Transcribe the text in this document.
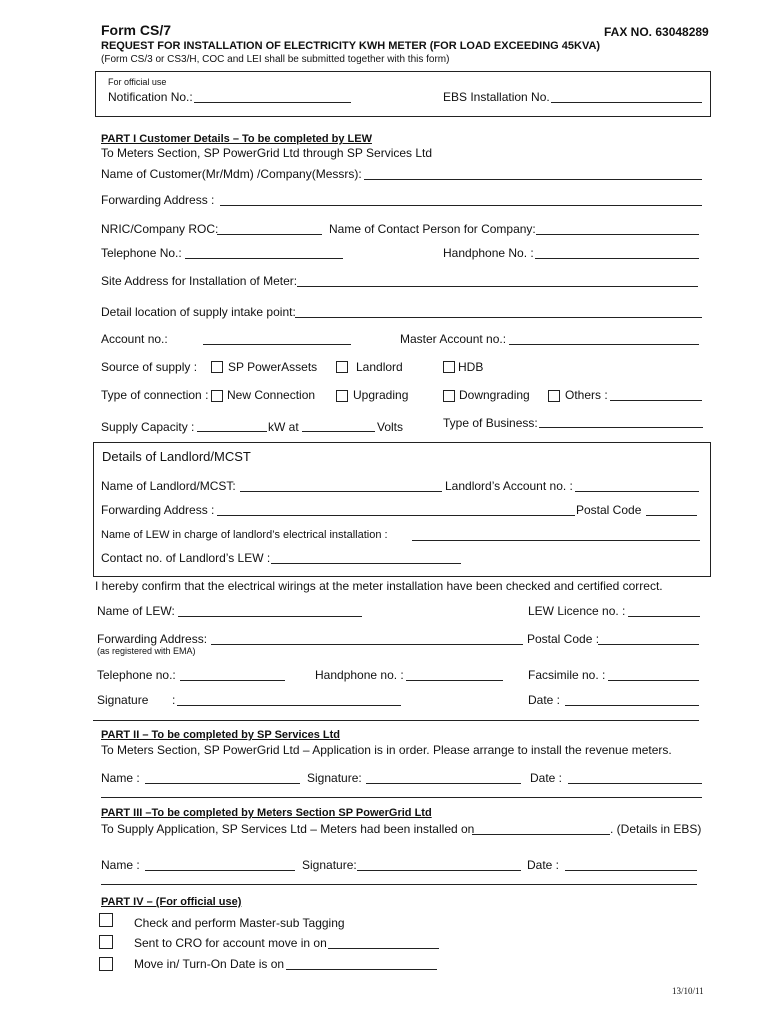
Form CS/7	FAX NO. 63048289
REQUEST FOR INSTALLATION OF ELECTRICITY KWH METER (FOR LOAD EXCEEDING 45KVA)
(Form CS/3 or CS3/H, COC and LEI shall be submitted together with this form)
For official use
Notification No.:	EBS Installation No.
PART I Customer Details – To be completed by LEW
To Meters Section, SP PowerGrid Ltd through SP Services Ltd
Name of Customer(Mr/Mdm) /Company(Messrs):
Forwarding Address :
NRIC/Company ROC:	Name of Contact Person for Company:
Telephone No.:	Handphone No. :
Site Address for Installation of Meter:
Detail location of supply intake point:
Account no.:	Master Account no.:
Source of supply :	SP PowerAssets	Landlord	HDB
Type of connection : New Connection	Upgrading	Downgrading	Others :
Supply Capacity :	kW at	Volts	Type of Business:
Details of Landlord/MCST
Name of Landlord/MCST:	Landlord’s Account no. :
Forwarding Address :	Postal Code
Name of LEW in charge of landlord’s electrical installation :
Contact no. of Landlord’s LEW :
I hereby confirm that the electrical wirings at the meter installation have been checked and certified correct.
Name of LEW:	LEW Licence no. :
Forwarding Address:
(as registered with EMA)
Postal Code :
Telephone no.:	Handphone no. :	Facsimile no. :
Signature :	Date :
PART II – To be completed by SP Services Ltd
To Meters Section, SP PowerGrid Ltd – Application is in order. Please arrange to install the revenue meters.
Name :	Signature:	Date :
PART III –To be completed by Meters Section SP PowerGrid Ltd
To Supply Application, SP Services Ltd – Meters had been installed on	. (Details in EBS)
Name :	Signature:	Date :
PART IV – (For official use)
Check and perform Master-sub Tagging
Sent to CRO for account move in on
Move in/ Turn-On Date is on
13/10/11
